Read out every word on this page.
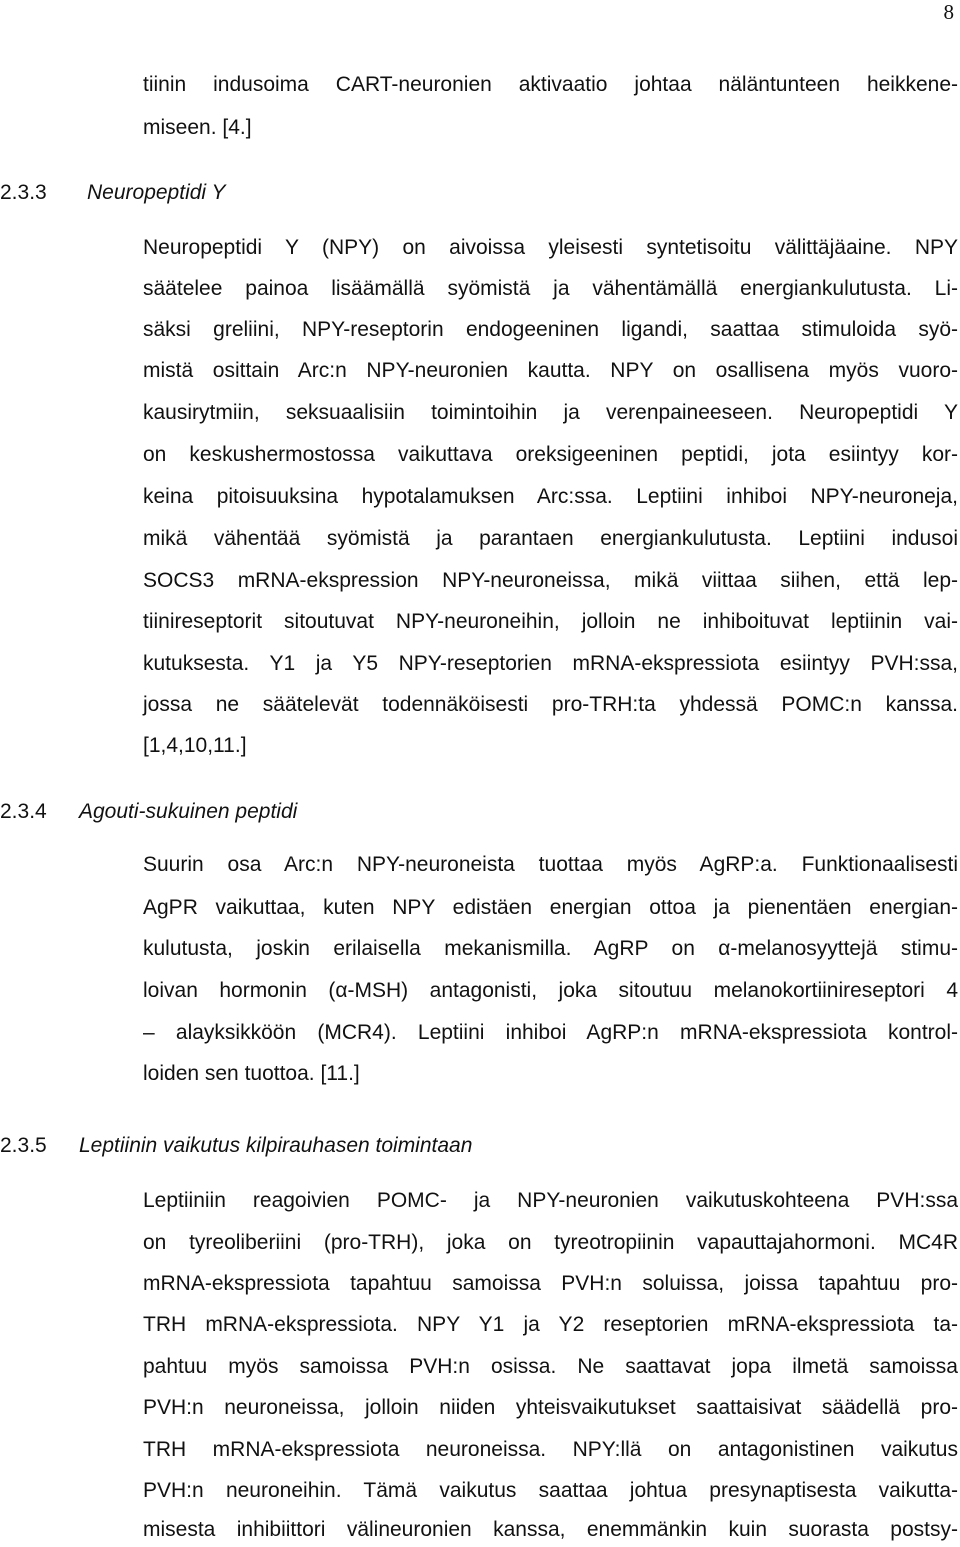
8
tiinin indusoima CART-neuronien aktivaatio johtaa näläntunteen heikkene-
miseen. [4.]
2.3.3 Neuropeptidi Y
Neuropeptidi Y (NPY) on aivoissa yleisesti syntetisoitu välittäjäaine. NPY
säätelee painoa lisäämällä syömistä ja vähentämällä energiankulutusta. Li-
säksi greliini, NPY-reseptorin endogeeninen ligandi, saattaa stimuloida syö-
mistä osittain Arc:n NPY-neuronien kautta. NPY on osallisena myös vuoro-
kausirytmiin, seksuaalisiin toimintoihin ja verenpaineeseen. Neuropeptidi Y
on keskushermostossa vaikuttava oreksigeeninen peptidi, jota esiintyy kor-
keina pitoisuuksina hypotalamuksen Arc:ssa. Leptiini inhiboi NPY-neuroneja,
mikä vähentää syömistä ja parantaen energiankulutusta. Leptiini indusoi
SOCS3 mRNA-ekspression NPY-neuroneissa, mikä viittaa siihen, että lep-
tiinireseptorit sitoutuvat NPY-neuroneihin, jolloin ne inhiboituvat leptiinin vai-
kutuksesta. Y1 ja Y5 NPY-reseptorien mRNA-ekspressiota esiintyy PVH:ssa,
jossa ne säätelevät todennäköisesti pro-TRH:ta yhdessä POMC:n kanssa.
[1,4,10,11.]
2.3.4 Agouti-sukuinen peptidi
Suurin osa Arc:n NPY-neuroneista tuottaa myös AgRP:a. Funktionaalisesti
AgPR vaikuttaa, kuten NPY edistäen energian ottoa ja pienentäen energian-
kulutusta, joskin erilaisella mekanismilla. AgRP on α-melanosyyttejä stimu-
loivan hormonin (α-MSH) antagonisti, joka sitoutuu melanokortiinireseptori 4
– alayksikköön (MCR4). Leptiini inhiboi AgRP:n mRNA-ekspressiota kontrol-
loiden sen tuottoa. [11.]
2.3.5 Leptiinin vaikutus kilpirauhasen toimintaan
Leptiiniin reagoivien POMC- ja NPY-neuronien vaikutuskohteena PVH:ssa
on tyreoliberiini (pro-TRH), joka on tyreotropiinin vapauttajahormoni. MC4R
mRNA-ekspressiota tapahtuu samoissa PVH:n soluissa, joissa tapahtuu pro-
TRH mRNA-ekspressiota. NPY Y1 ja Y2 reseptorien mRNA-ekspressiota ta-
pahtuu myös samoissa PVH:n osissa. Ne saattavat jopa ilmetä samoissa
PVH:n neuroneissa, jolloin niiden yhteisvaikutukset saattaisivat säädellä pro-
TRH mRNA-ekspressiota neuroneissa. NPY:llä on antagonistinen vaikutus
PVH:n neuroneihin. Tämä vaikutus saattaa johtua presynaptisesta vaikutta-
misesta inhibiittori välineuronien kanssa, enemmänkin kuin suorasta postsy-
